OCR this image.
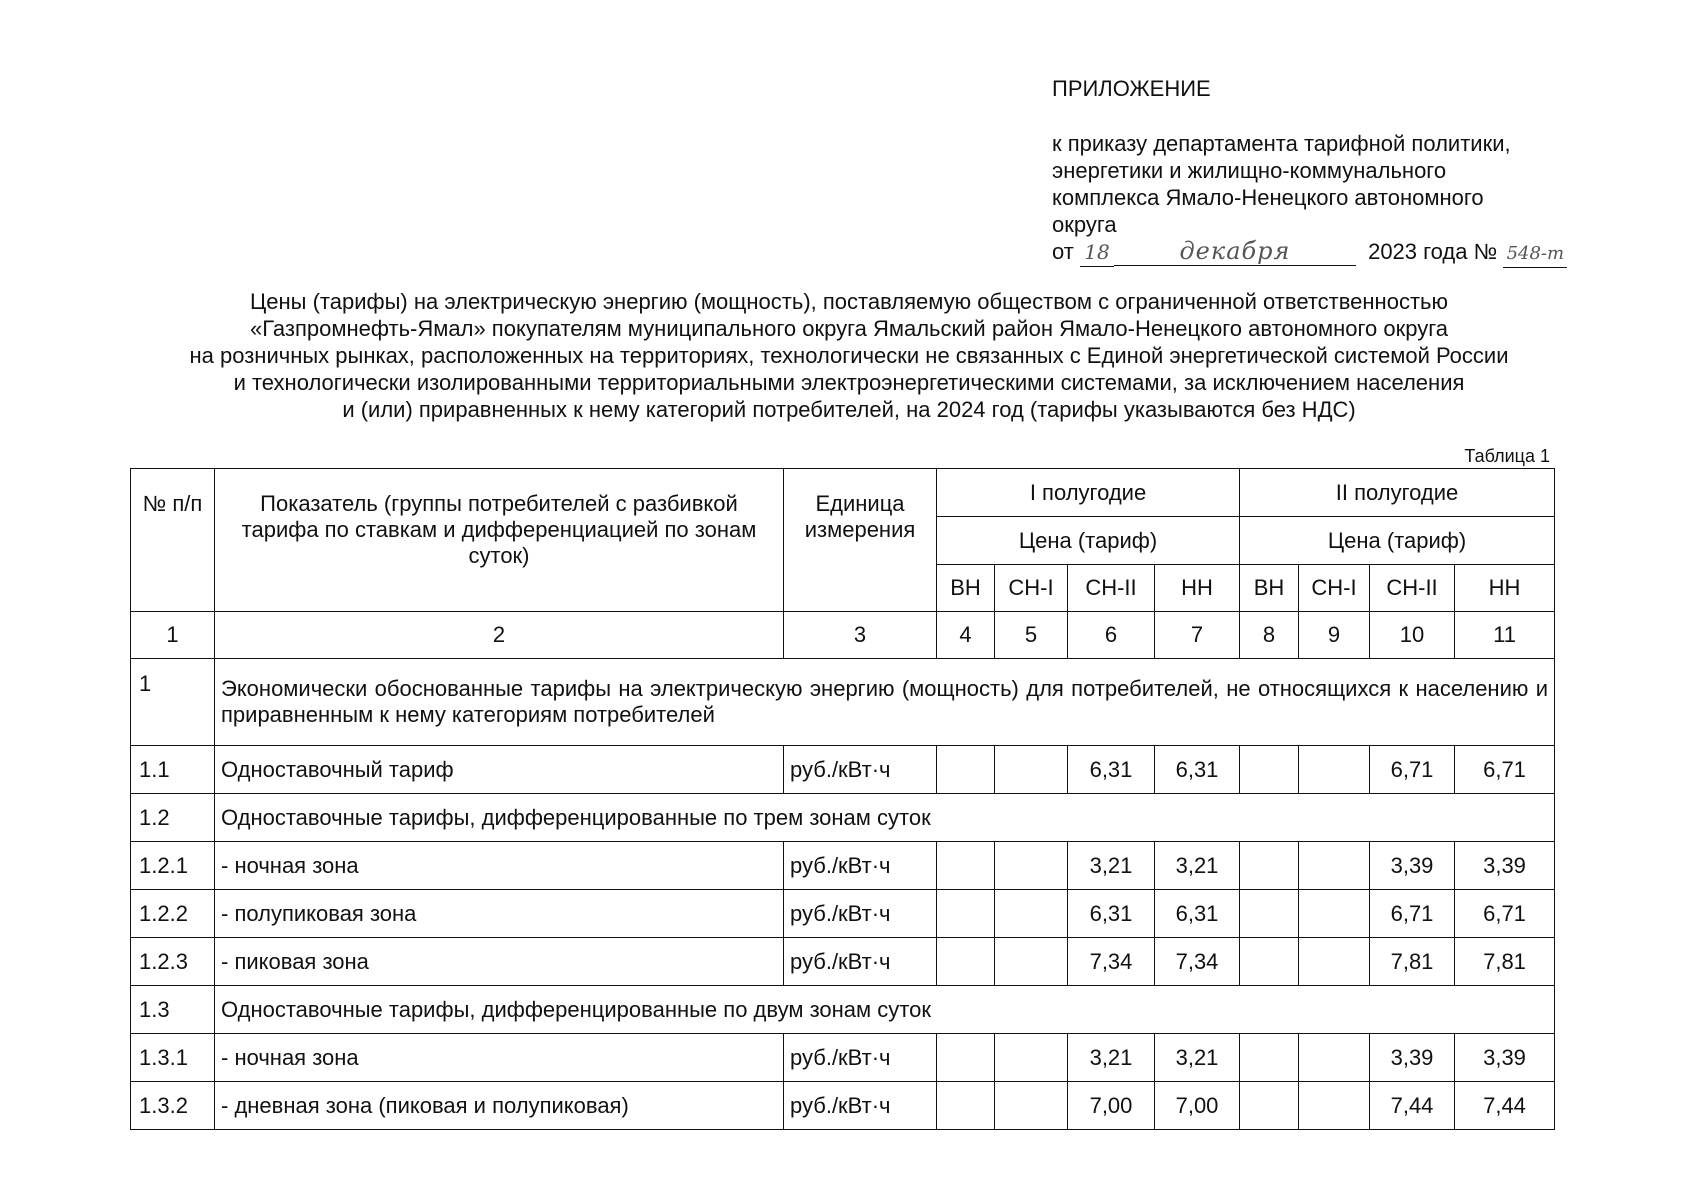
ПРИЛОЖЕНИЕ
к приказу департамента тарифной политики,
энергетики и жилищно-коммунального
комплекса Ямало-Ненецкого автономного
округа
от 18	декабря	2023 года № 548-т
Цены (тарифы) на электрическую энергию (мощность), поставляемую обществом с ограниченной ответственностью
«Газпромнефть-Ямал» покупателям муниципального округа Ямальский район Ямало-Ненецкого автономного округа
на розничных рынках, расположенных на территориях, технологически не связанных с Единой энергетической системой России
и технологически изолированными территориальными электроэнергетическими системами, за исключением населения
и (или) приравненных к нему категорий потребителей, на 2024 год (тарифы указываются без НДС)
Таблица 1
№ п/п	Показатель (группы потребителей с разбивкой тарифа по ставкам и дифференциацией по зонам суток)	Единица измерения	I полугодие				II полугодие			
			Цена (тариф)				Цена (тариф)			
			ВН	СН-I	СН-II	НН	ВН	СН-I	СН-II	НН
1	2	3	4	5	6	7	8	9	10	11
1	Экономически обоснованные тарифы на электрическую энергию (мощность) для потребителей, не относящихся к населению и приравненным к нему категориям потребителей									
1.1	Одноставочный тариф	руб./кВт·ч			6,31	6,31			6,71	6,71
1.2	Одноставочные тарифы, дифференцированные по трем зонам суток									
1.2.1	- ночная зона	руб./кВт·ч			3,21	3,21			3,39	3,39
1.2.2	- полупиковая зона	руб./кВт·ч			6,31	6,31			6,71	6,71
1.2.3	- пиковая зона	руб./кВт·ч			7,34	7,34			7,81	7,81
1.3	Одноставочные тарифы, дифференцированные по двум зонам суток									
1.3.1	- ночная зона	руб./кВт·ч			3,21	3,21			3,39	3,39
1.3.2	- дневная зона (пиковая и полупиковая)	руб./кВт·ч			7,00	7,00			7,44	7,44
